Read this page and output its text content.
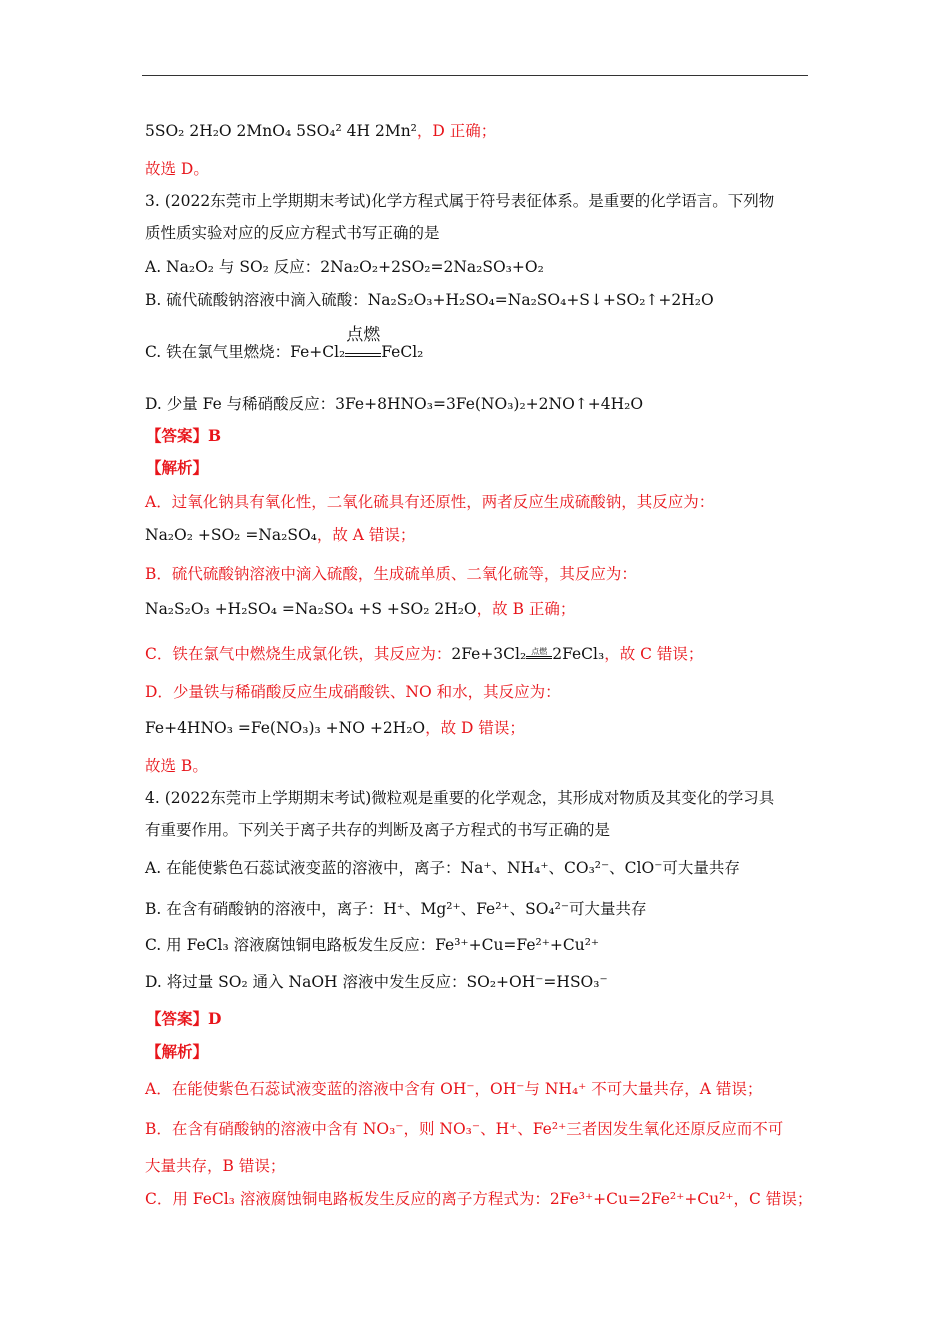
5SO₂ 2H₂O 2MnO₄ 5SO₄² 4H 2Mn²，D 正确；
故选 D。
3. (2022东莞市上学期期末考试)化学方程式属于符号表征体系。是重要的化学语言。下列物
质性质实验对应的反应方程式书写正确的是
A. Na₂O₂ 与 SO₂ 反应：2Na₂O₂+2SO₂=2Na₂SO₃+O₂
B. 硫代硫酸钠溶液中滴入硫酸：Na₂S₂O₃+H₂SO₄=Na₂SO₄+S↓+SO₂↑+2H₂O
C. 铁在氯气里燃烧：Fe+Cl₂
点燃
FeCl₂
D. 少量 Fe 与稀硝酸反应：3Fe+8HNO₃=3Fe(NO₃)₂+2NO↑+4H₂O
【答案】B
【解析】
A．过氧化钠具有氧化性，二氧化硫具有还原性，两者反应生成硫酸钠，其反应为：
Na₂O₂ +SO₂ =Na₂SO₄，故 A 错误；
B．硫代硫酸钠溶液中滴入硫酸，生成硫单质、二氧化硫等，其反应为：
Na₂S₂O₃ +H₂SO₄ =Na₂SO₄ +S +SO₂ 2H₂O，故 B 正确；
C．铁在氯气中燃烧生成氯化铁，其反应为：2Fe+3Cl₂ 点燃 2FeCl₃，故 C 错误；
D．少量铁与稀硝酸反应生成硝酸铁、NO 和水，其反应为：
Fe+4HNO₃ =Fe(NO₃)₃ +NO +2H₂O，故 D 错误；
故选 B。
4. (2022东莞市上学期期末考试)微粒观是重要的化学观念，其形成对物质及其变化的学习具
有重要作用。下列关于离子共存的判断及离子方程式的书写正确的是
A. 在能使紫色石蕊试液变蓝的溶液中，离子：Na⁺、NH₄⁺、CO₃²⁻、ClO⁻可大量共存
B. 在含有硝酸钠的溶液中，离子：H⁺、Mg²⁺、Fe²⁺、SO₄²⁻可大量共存
C. 用 FeCl₃ 溶液腐蚀铜电路板发生反应：Fe³⁺+Cu=Fe²⁺+Cu²⁺
D. 将过量 SO₂ 通入 NaOH 溶液中发生反应：SO₂+OH⁻=HSO₃⁻
【答案】D
【解析】
A．在能使紫色石蕊试液变蓝的溶液中含有 OH⁻，OH⁻与 NH₄⁺ 不可大量共存，A 错误；
B．在含有硝酸钠的溶液中含有 NO₃⁻，则 NO₃⁻、H⁺、Fe²⁺三者因发生氧化还原反应而不可
大量共存，B 错误；
C．用 FeCl₃ 溶液腐蚀铜电路板发生反应的离子方程式为：2Fe³⁺+Cu=2Fe²⁺+Cu²⁺，C 错误；
